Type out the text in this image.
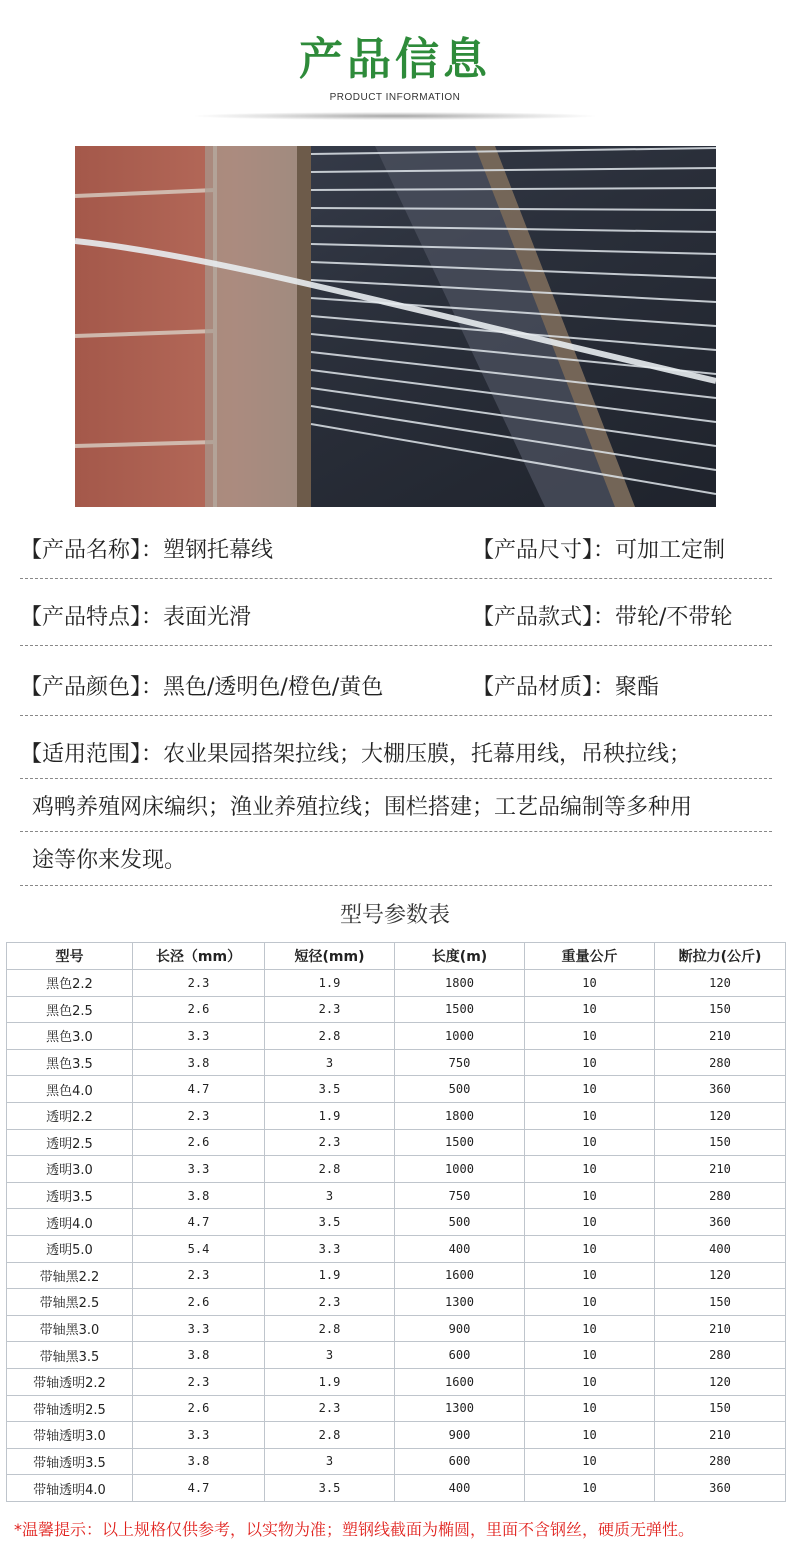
产品信息
PRODUCT INFORMATION
【产品名称】：塑钢托幕线	【产品尺寸】：可加工定制
【产品特点】：表面光滑	【产品款式】：带轮/不带轮
【产品颜色】：黑色/透明色/橙色/黄色	【产品材质】：聚酯
【适用范围】：农业果园搭架拉线；大棚压膜，托幕用线，吊秧拉线；
鸡鸭养殖网床编织；渔业养殖拉线；围栏搭建；工艺品编制等多种用
途等你来发现。
型号参数表
型号	长泾（mm）	短径(mm)	长度(m)	重量公斤	断拉力(公斤)
黑色2.2	2.3	1.9	1800	10	120
黑色2.5	2.6	2.3	1500	10	150
黑色3.0	3.3	2.8	1000	10	210
黑色3.5	3.8	3	750	10	280
黑色4.0	4.7	3.5	500	10	360
透明2.2	2.3	1.9	1800	10	120
透明2.5	2.6	2.3	1500	10	150
透明3.0	3.3	2.8	1000	10	210
透明3.5	3.8	3	750	10	280
透明4.0	4.7	3.5	500	10	360
透明5.0	5.4	3.3	400	10	400
带轴黑2.2	2.3	1.9	1600	10	120
带轴黑2.5	2.6	2.3	1300	10	150
带轴黑3.0	3.3	2.8	900	10	210
带轴黑3.5	3.8	3	600	10	280
带轴透明2.2	2.3	1.9	1600	10	120
带轴透明2.5	2.6	2.3	1300	10	150
带轴透明3.0	3.3	2.8	900	10	210
带轴透明3.5	3.8	3	600	10	280
带轴透明4.0	4.7	3.5	400	10	360
*温馨提示：以上规格仅供参考，以实物为准；塑钢线截面为椭圆，里面不含钢丝，硬质无弹性。
